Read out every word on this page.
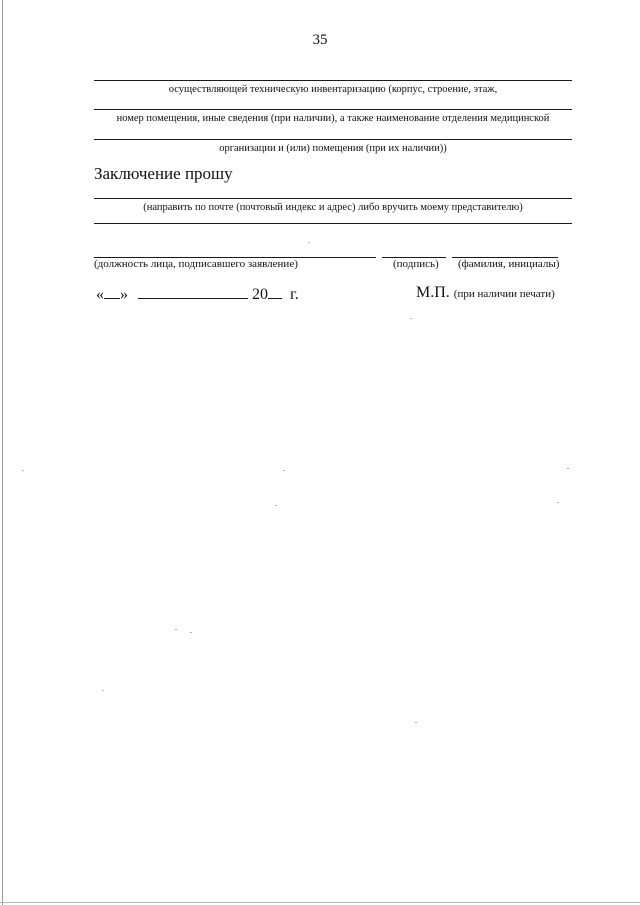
35
осуществляющей техническую инвентаризацию (корпус, строение, этаж,
номер помещения, иные сведения (при наличии), а также наименование отделения медицинской
организации и (или) помещения (при их наличии))
Заключение прошу
(направить по почте (почтовый индекс и адрес) либо вручить моему представителю)
(должность лица, подписавшего заявление)	(подпись) (фамилия, инициалы)
« »	20 г.	М.П. (при наличии печати)
